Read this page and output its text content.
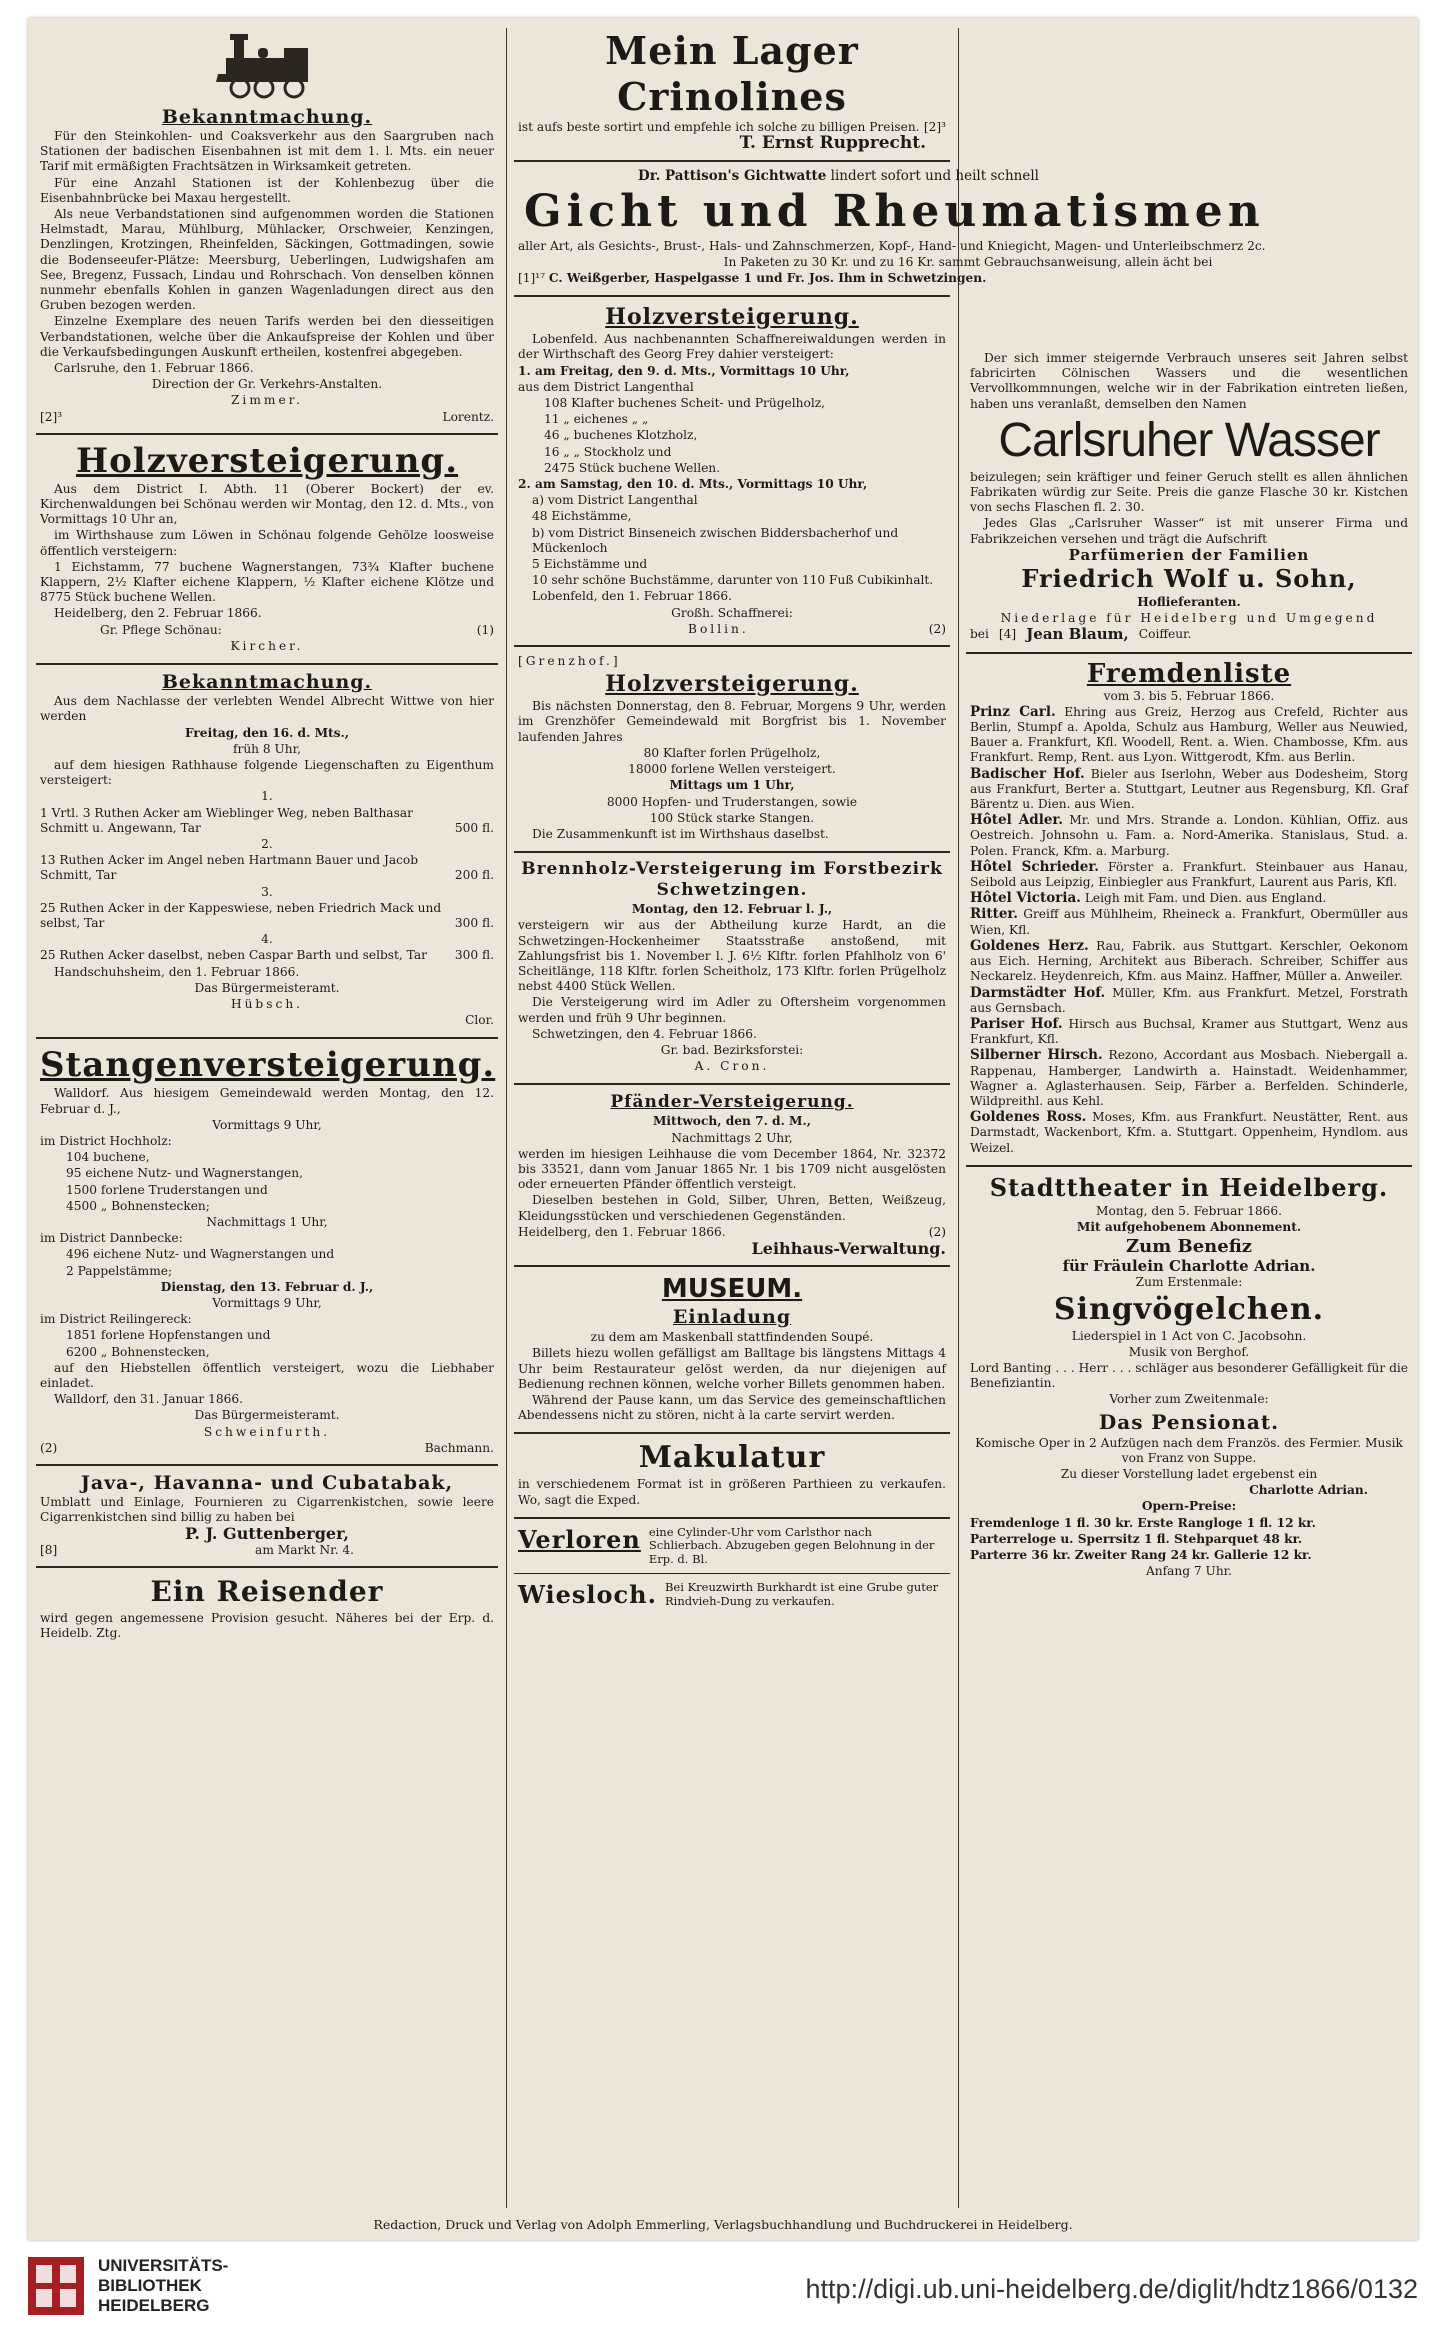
Bekanntmachung.
Für den Steinkohlen- und Coaksverkehr aus den Saargruben nach Stationen der badischen Eisenbahnen ist mit dem 1. l. Mts. ein neuer Tarif mit ermäßigten Frachtsätzen in Wirksamkeit getreten.
Für eine Anzahl Stationen ist der Kohlenbezug über die Eisenbahnbrücke bei Maxau hergestellt.
Als neue Verbandstationen sind aufgenommen worden die Stationen Helmstadt, Marau, Mühlburg, Mühlacker, Orschweier, Kenzingen, Denzlingen, Krotzingen, Rheinfelden, Säckingen, Gottmadingen, sowie die Bodenseeufer-Plätze: Meersburg, Ueberlingen, Ludwigshafen am See, Bregenz, Fussach, Lindau und Rohrschach. Von denselben können nunmehr ebenfalls Kohlen in ganzen Wagenladungen direct aus den Gruben bezogen werden.
Einzelne Exemplare des neuen Tarifs werden bei den diesseitigen Verbandstationen, welche über die Ankaufspreise der Kohlen und über die Verkaufsbedingungen Auskunft ertheilen, kostenfrei abgegeben.
Carlsruhe, den 1. Februar 1866.
Direction der Gr. Verkehrs-Anstalten.
Zimmer.
[2]³	Lorentz.
Holzversteigerung.
Aus dem District I. Abth. 11 (Oberer Bockert) der ev. Kirchenwaldungen bei Schönau werden wir Montag, den 12. d. Mts., von Vormittags 10 Uhr an,
im Wirthshause zum Löwen in Schönau folgende Gehölze loosweise öffentlich versteigern:
1 Eichstamm, 77 buchene Wagnerstangen, 73¾ Klafter buchene Klappern, 2½ Klafter eichene Klappern, ½ Klafter eichene Klötze und 8775 Stück buchene Wellen.
Heidelberg, den 2. Februar 1866.
Gr. Pflege Schönau:	(1)
Kircher.
Bekanntmachung.
Aus dem Nachlasse der verlebten Wendel Albrecht Wittwe von hier werden
Freitag, den 16. d. Mts.,
früh 8 Uhr,
auf dem hiesigen Rathhause folgende Liegenschaften zu Eigenthum versteigert:
1.
1 Vrtl. 3 Ruthen Acker am Wieblinger Weg, neben Balthasar Schmitt u. Angewann, Tar	500 fl.
2.
13 Ruthen Acker im Angel neben Hartmann Bauer und Jacob Schmitt, Tar	200 fl.
3.
25 Ruthen Acker in der Kappeswiese, neben Friedrich Mack und selbst, Tar	300 fl.
4.
25 Ruthen Acker daselbst, neben Caspar Barth und selbst, Tar	300 fl.
Handschuhsheim, den 1. Februar 1866.
Das Bürgermeisteramt.
Hübsch.
Clor.
Stangenversteigerung.
Walldorf. Aus hiesigem Gemeindewald werden Montag, den 12. Februar d. J.,
Vormittags 9 Uhr,
im District Hochholz:
104 buchene,
95 eichene Nutz- und Wagnerstangen,
1500 forlene Truderstangen und
4500 „ Bohnenstecken;
Nachmittags 1 Uhr,
im District Dannbecke:
496 eichene Nutz- und Wagnerstangen und
2 Pappelstämme;
Dienstag, den 13. Februar d. J.,
Vormittags 9 Uhr,
im District Reilingereck:
1851 forlene Hopfenstangen und
6200 „ Bohnenstecken,
auf den Hiebstellen öffentlich versteigert, wozu die Liebhaber einladet.
Walldorf, den 31. Januar 1866.
Das Bürgermeisteramt.
Schweinfurth.
(2)	Bachmann.
Java-, Havanna- und Cubatabak,
Umblatt und Einlage, Fournieren zu Cigarrenkistchen, sowie leere Cigarrenkistchen sind billig zu haben bei
P. J. Guttenberger,
[8]	am Markt Nr. 4.
Ein Reisender
wird gegen angemessene Provision gesucht. Näheres bei der Erp. d. Heidelb. Ztg.
Mein Lager Crinolines
ist aufs beste sortirt und empfehle ich solche zu billigen Preisen. [2]³
T. Ernst Rupprecht.
Dr. Pattison's Gichtwatte lindert sofort und heilt schnell
Gicht und Rheumatismen
aller Art, als Gesichts-, Brust-, Hals- und Zahnschmerzen, Kopf-, Hand- und Kniegicht, Magen- und Unterleibschmerz 2c.
In Paketen zu 30 Kr. und zu 16 Kr. sammt Gebrauchsanweisung, allein ächt bei
[1]¹⁷ C. Weißgerber, Haspelgasse 1 und Fr. Jos. Ihm in Schwetzingen.
Holzversteigerung.
Lobenfeld. Aus nachbenannten Schaffnereiwaldungen werden in der Wirthschaft des Georg Frey dahier versteigert:
1. am Freitag, den 9. d. Mts., Vormittags 10 Uhr,
aus dem District Langenthal
108 Klafter buchenes Scheit- und Prügelholz,
11 „ eichenes „ „
46 „ buchenes Klotzholz,
16 „ „ Stockholz und
2475 Stück buchene Wellen.
2. am Samstag, den 10. d. Mts., Vormittags 10 Uhr,
a) vom District Langenthal
48 Eichstämme,
b) vom District Binseneich zwischen Biddersbacherhof und Mückenloch
5 Eichstämme und
10 sehr schöne Buchstämme, darunter von 110 Fuß Cubikinhalt.
Lobenfeld, den 1. Februar 1866.
Großh. Schaffnerei:
Bollin.	(2)
[Grenzhof.]
Holzversteigerung.
Bis nächsten Donnerstag, den 8. Februar, Morgens 9 Uhr, werden im Grenzhöfer Gemeindewald mit Borgfrist bis 1. November laufenden Jahres
80 Klafter forlen Prügelholz,
18000 forlene Wellen versteigert.
Mittags um 1 Uhr,
8000 Hopfen- und Truderstangen, sowie
100 Stück starke Stangen.
Die Zusammenkunft ist im Wirthshaus daselbst.
Brennholz-Versteigerung im Forstbezirk Schwetzingen.
Montag, den 12. Februar l. J.,
versteigern wir aus der Abtheilung kurze Hardt, an die Schwetzingen-Hockenheimer Staatsstraße anstoßend, mit Zahlungsfrist bis 1. November l. J. 6½ Klftr. forlen Pfahlholz von 6' Scheitlänge, 118 Klftr. forlen Scheitholz, 173 Klftr. forlen Prügelholz nebst 4400 Stück Wellen.
Die Versteigerung wird im Adler zu Oftersheim vorgenommen werden und früh 9 Uhr beginnen.
Schwetzingen, den 4. Februar 1866.
Gr. bad. Bezirksforstei:
A. Cron.
Pfänder-Versteigerung.
Mittwoch, den 7. d. M.,
Nachmittags 2 Uhr,
werden im hiesigen Leihhause die vom December 1864, Nr. 32372 bis 33521, dann vom Januar 1865 Nr. 1 bis 1709 nicht ausgelösten oder erneuerten Pfänder öffentlich versteigt.
Dieselben bestehen in Gold, Silber, Uhren, Betten, Weißzeug, Kleidungsstücken und verschiedenen Gegenständen.
Heidelberg, den 1. Februar 1866.	(2)
Leihhaus-Verwaltung.
MUSEUM.
Einladung
zu dem am Maskenball stattfindenden Soupé.
Billets hiezu wollen gefälligst am Balltage bis längstens Mittags 4 Uhr beim Restaurateur gelöst werden, da nur diejenigen auf Bedienung rechnen können, welche vorher Billets genommen haben.
Während der Pause kann, um das Service des gemeinschaftlichen Abendessens nicht zu stören, nicht à la carte servirt werden.
Makulatur
in verschiedenem Format ist in größeren Parthieen zu verkaufen. Wo, sagt die Exped.
Verloren eine Cylinder-Uhr vom Carlsthor nach Schlierbach. Abzugeben gegen Belohnung in der Erp. d. Bl.
Wiesloch. Bei Kreuzwirth Burkhardt ist eine Grube guter Rindvieh-Dung zu verkaufen.
Der sich immer steigernde Verbrauch unseres seit Jahren selbst fabricirten Cölnischen Wassers und die wesentlichen Vervollkommnungen, welche wir in der Fabrikation eintreten ließen, haben uns veranlaßt, demselben den Namen
Carlsruher Wasser
beizulegen; sein kräftiger und feiner Geruch stellt es allen ähnlichen Fabrikaten würdig zur Seite. Preis die ganze Flasche 30 kr. Kistchen von sechs Flaschen fl. 2. 30.
Jedes Glas „Carlsruher Wasser“ ist mit unserer Firma und Fabrikzeichen versehen und trägt die Aufschrift
Parfümerien der Familien
Friedrich Wolf u. Sohn,
Hoflieferanten.
Niederlage für Heidelberg und Umgegend
bei [4] Jean Blaum, Coiffeur.
Fremdenliste
vom 3. bis 5. Februar 1866.
Prinz Carl. Ehring aus Greiz, Herzog aus Crefeld, Richter aus Berlin, Stumpf a. Apolda, Schulz aus Hamburg, Weller aus Neuwied, Bauer a. Frankfurt, Kfl. Woodell, Rent. a. Wien. Chambosse, Kfm. aus Frankfurt. Remp, Rent. aus Lyon. Wittgerodt, Kfm. aus Berlin.
Badischer Hof. Bieler aus Iserlohn, Weber aus Dodesheim, Storg aus Frankfurt, Berter a. Stuttgart, Leutner aus Regensburg, Kfl. Graf Bärentz u. Dien. aus Wien.
Hôtel Adler. Mr. und Mrs. Strande a. London. Kühlian, Offiz. aus Oestreich. Johnsohn u. Fam. a. Nord-Amerika. Stanislaus, Stud. a. Polen. Franck, Kfm. a. Marburg.
Hôtel Schrieder. Förster a. Frankfurt. Steinbauer aus Hanau, Seibold aus Leipzig, Einbiegler aus Frankfurt, Laurent aus Paris, Kfl.
Hôtel Victoria. Leigh mit Fam. und Dien. aus England.
Ritter. Greiff aus Mühlheim, Rheineck a. Frankfurt, Obermüller aus Wien, Kfl.
Goldenes Herz. Rau, Fabrik. aus Stuttgart. Kerschler, Oekonom aus Eich. Herning, Architekt aus Biberach. Schreiber, Schiffer aus Neckarelz. Heydenreich, Kfm. aus Mainz. Haffner, Müller a. Anweiler.
Darmstädter Hof. Müller, Kfm. aus Frankfurt. Metzel, Forstrath aus Gernsbach.
Pariser Hof. Hirsch aus Buchsal, Kramer aus Stuttgart, Wenz aus Frankfurt, Kfl.
Silberner Hirsch. Rezono, Accordant aus Mosbach. Niebergall a. Rappenau, Hamberger, Landwirth a. Hainstadt. Weidenhammer, Wagner a. Aglasterhausen. Seip, Färber a. Berfelden. Schinderle, Wildpreithl. aus Kehl.
Goldenes Ross. Moses, Kfm. aus Frankfurt. Neustätter, Rent. aus Darmstadt, Wackenbort, Kfm. a. Stuttgart. Oppenheim, Hyndlom. aus Weizel.
Stadttheater in Heidelberg.
Montag, den 5. Februar 1866.
Mit aufgehobenem Abonnement.
Zum Benefiz
für Fräulein Charlotte Adrian.
Zum Erstenmale:
Singvögelchen.
Liederspiel in 1 Act von C. Jacobsohn.
Musik von Berghof.
Lord Banting . . . Herr . . . schläger aus besonderer Gefälligkeit für die Benefiziantin.
Vorher zum Zweitenmale:
Das Pensionat.
Komische Oper in 2 Aufzügen nach dem Französ. des Fermier. Musik von Franz von Suppe.
Zu dieser Vorstellung ladet ergebenst ein
Charlotte Adrian.
Opern-Preise:
Fremdenloge 1 fl. 30 kr. Erste Rangloge 1 fl. 12 kr.
Parterreloge u. Sperrsitz 1 fl. Stehparquet 48 kr.
Parterre 36 kr. Zweiter Rang 24 kr. Gallerie 12 kr.
Anfang 7 Uhr.
Redaction, Druck und Verlag von Adolph Emmerling, Verlagsbuchhandlung und Buchdruckerei in Heidelberg.
UNIVERSITÄTS-
BIBLIOTHEK
HEIDELBERG
http://digi.ub.uni-heidelberg.de/diglit/hdtz1866/0132
